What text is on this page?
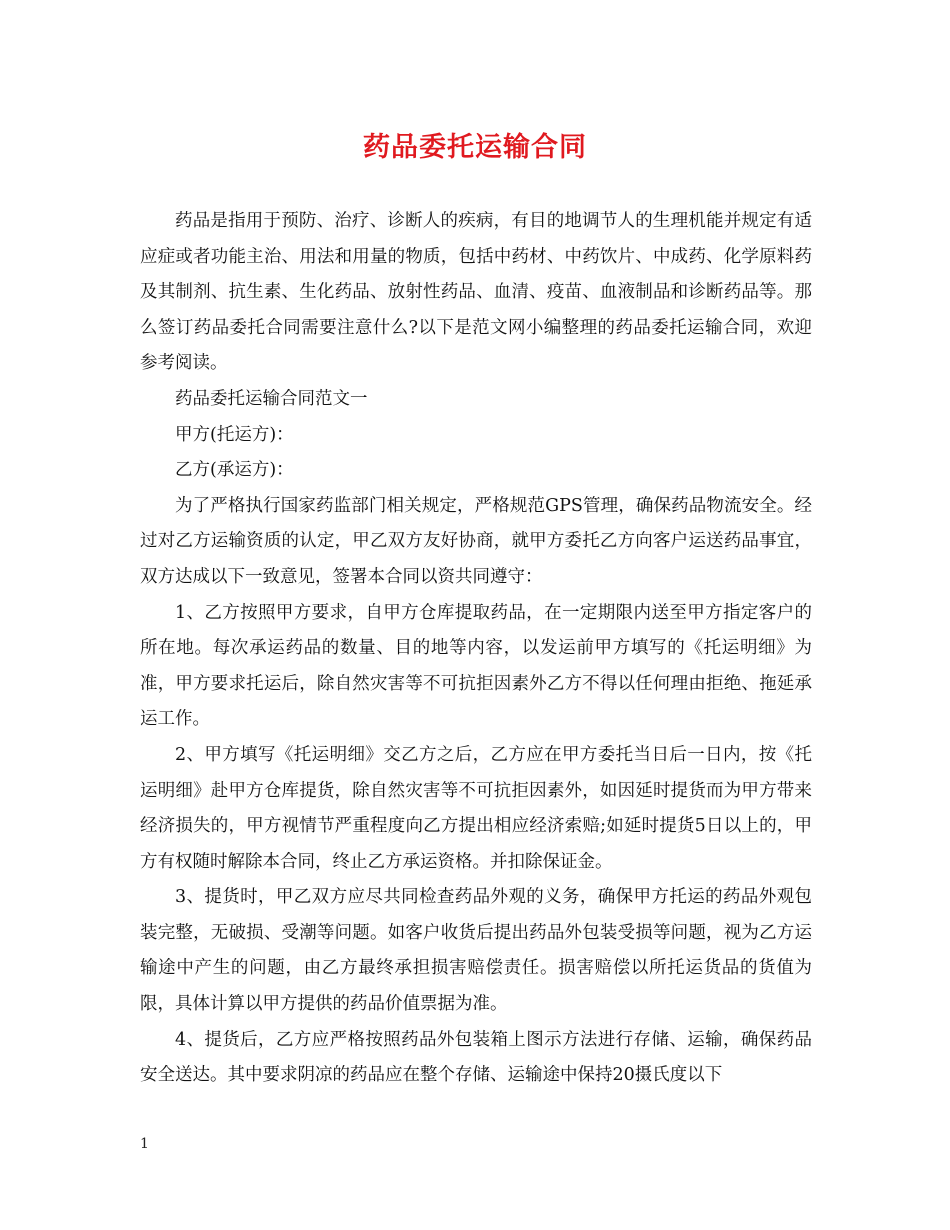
药品委托运输合同

药品是指用于预防、治疗、诊断人的疾病，有目的地调节人的生理机能并规定有适应症或者功能主治、用法和用量的物质，包括中药材、中药饮片、中成药、化学原料药及其制剂、抗生素、生化药品、放射性药品、血清、疫苗、血液制品和诊断药品等。那么签订药品委托合同需要注意什么?以下是范文网小编整理的药品委托运输合同，欢迎参考阅读。

药品委托运输合同范文一

甲方(托运方)：

乙方(承运方)：

为了严格执行国家药监部门相关规定，严格规范GPS管理，确保药品物流安全。经过对乙方运输资质的认定，甲乙双方友好协商，就甲方委托乙方向客户运送药品事宜，双方达成以下一致意见，签署本合同以资共同遵守：

1、乙方按照甲方要求，自甲方仓库提取药品，在一定期限内送至甲方指定客户的所在地。每次承运药品的数量、目的地等内容，以发运前甲方填写的《托运明细》为准，甲方要求托运后，除自然灾害等不可抗拒因素外乙方不得以任何理由拒绝、拖延承运工作。

2、甲方填写《托运明细》交乙方之后，乙方应在甲方委托当日后一日内，按《托运明细》赴甲方仓库提货，除自然灾害等不可抗拒因素外，如因延时提货而为甲方带来经济损失的，甲方视情节严重程度向乙方提出相应经济索赔;如延时提货5日以上的，甲方有权随时解除本合同，终止乙方承运资格。并扣除保证金。

3、提货时，甲乙双方应尽共同检查药品外观的义务，确保甲方托运的药品外观包装完整，无破损、受潮等问题。如客户收货后提出药品外包装受损等问题，视为乙方运输途中产生的问题，由乙方最终承担损害赔偿责任。损害赔偿以所托运货品的货值为限，具体计算以甲方提供的药品价值票据为准。

4、提货后，乙方应严格按照药品外包装箱上图示方法进行存储、运输，确保药品安全送达。其中要求阴凉的药品应在整个存储、运输途中保持20摄氏度以下

1
